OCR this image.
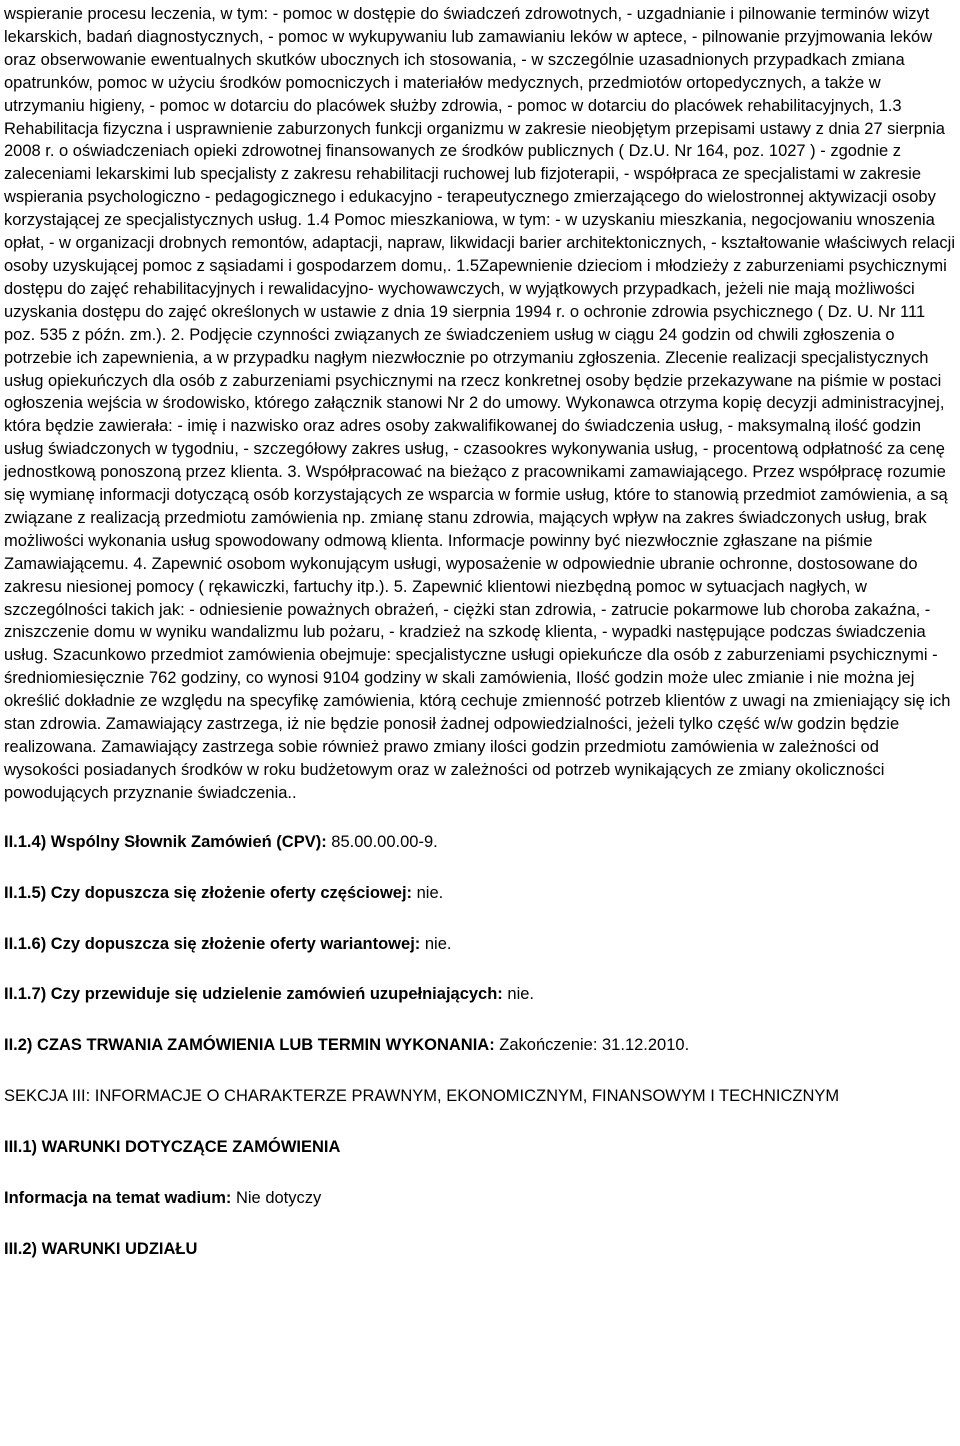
wspieranie procesu leczenia, w tym: - pomoc w dostępie do świadczeń zdrowotnych, - uzgadnianie i pilnowanie terminów wizyt lekarskich, badań diagnostycznych, - pomoc w wykupywaniu lub zamawianiu leków w aptece, - pilnowanie przyjmowania leków oraz obserwowanie ewentualnych skutków ubocznych ich stosowania, - w szczególnie uzasadnionych przypadkach zmiana opatrunków, pomoc w użyciu środków pomocniczych i materiałów medycznych, przedmiotów ortopedycznych, a także w utrzymaniu higieny, - pomoc w dotarciu do placówek służby zdrowia, - pomoc w dotarciu do placówek rehabilitacyjnych, 1.3 Rehabilitacja fizyczna i usprawnienie zaburzonych funkcji organizmu w zakresie nieobjętym przepisami ustawy z dnia 27 sierpnia 2008 r. o oświadczeniach opieki zdrowotnej finansowanych ze środków publicznych ( Dz.U. Nr 164, poz. 1027 ) - zgodnie z zaleceniami lekarskimi lub specjalisty z zakresu rehabilitacji ruchowej lub fizjoterapii, - współpraca ze specjalistami w zakresie wspierania psychologiczno - pedagogicznego i edukacyjno - terapeutycznego zmierzającego do wielostronnej aktywizacji osoby korzystającej ze specjalistycznych usług. 1.4 Pomoc mieszkaniowa, w tym: - w uzyskaniu mieszkania, negocjowaniu wnoszenia opłat, - w organizacji drobnych remontów, adaptacji, napraw, likwidacji barier architektonicznych, - kształtowanie właściwych relacji osoby uzyskującej pomoc z sąsiadami i gospodarzem domu,. 1.5Zapewnienie dzieciom i młodzieży z zaburzeniami psychicznymi dostępu do zajęć rehabilitacyjnych i rewalidacyjno- wychowawczych, w wyjątkowych przypadkach, jeżeli nie mają możliwości uzyskania dostępu do zajęć określonych w ustawie z dnia 19 sierpnia 1994 r. o ochronie zdrowia psychicznego ( Dz. U. Nr 111 poz. 535 z późn. zm.). 2. Podjęcie czynności związanych ze świadczeniem usług w ciągu 24 godzin od chwili zgłoszenia o potrzebie ich zapewnienia, a w przypadku nagłym niezwłocznie po otrzymaniu zgłoszenia. Zlecenie realizacji specjalistycznych usług opiekuńczych dla osób z zaburzeniami psychicznymi na rzecz konkretnej osoby będzie przekazywane na piśmie w postaci ogłoszenia wejścia w środowisko, którego załącznik stanowi Nr 2 do umowy. Wykonawca otrzyma kopię decyzji administracyjnej, która będzie zawierała: - imię i nazwisko oraz adres osoby zakwalifikowanej do świadczenia usług, - maksymalną ilość godzin usług świadczonych w tygodniu, - szczegółowy zakres usług, - czasookres wykonywania usług, - procentową odpłatność za cenę jednostkową ponoszoną przez klienta. 3. Współpracować na bieżąco z pracownikami zamawiającego. Przez współpracę rozumie się wymianę informacji dotyczącą osób korzystających ze wsparcia w formie usług, które to stanowią przedmiot zamówienia, a są związane z realizacją przedmiotu zamówienia np. zmianę stanu zdrowia, mających wpływ na zakres świadczonych usług, brak możliwości wykonania usług spowodowany odmową klienta. Informacje powinny być niezwłocznie zgłaszane na piśmie Zamawiającemu. 4. Zapewnić osobom wykonującym usługi, wyposażenie w odpowiednie ubranie ochronne, dostosowane do zakresu niesionej pomocy ( rękawiczki, fartuchy itp.). 5. Zapewnić klientowi niezbędną pomoc w sytuacjach nagłych, w szczególności takich jak: - odniesienie poważnych obrażeń, - ciężki stan zdrowia, - zatrucie pokarmowe lub choroba zakaźna, - zniszczenie domu w wyniku wandalizmu lub pożaru, - kradzież na szkodę klienta, - wypadki następujące podczas świadczenia usług. Szacunkowo przedmiot zamówienia obejmuje: specjalistyczne usługi opiekuńcze dla osób z zaburzeniami psychicznymi - średniomiesięcznie 762 godziny, co wynosi 9104 godziny w skali zamówienia, Ilość godzin może ulec zmianie i nie można jej określić dokładnie ze względu na specyfikę zamówienia, którą cechuje zmienność potrzeb klientów z uwagi na zmieniający się ich stan zdrowia. Zamawiający zastrzega, iż nie będzie ponosił żadnej odpowiedzialności, jeżeli tylko część w/w godzin będzie realizowana. Zamawiający zastrzega sobie również prawo zmiany ilości godzin przedmiotu zamówienia w zależności od wysokości posiadanych środków w roku budżetowym oraz w zależności od potrzeb wynikających ze zmiany okoliczności powodujących przyznanie świadczenia..

II.1.4) Wspólny Słownik Zamówień (CPV): 85.00.00.00-9.

II.1.5) Czy dopuszcza się złożenie oferty częściowej: nie.

II.1.6) Czy dopuszcza się złożenie oferty wariantowej: nie.

II.1.7) Czy przewiduje się udzielenie zamówień uzupełniających: nie.

II.2) CZAS TRWANIA ZAMÓWIENIA LUB TERMIN WYKONANIA: Zakończenie: 31.12.2010.

SEKCJA III: INFORMACJE O CHARAKTERZE PRAWNYM, EKONOMICZNYM, FINANSOWYM I TECHNICZNYM

III.1) WARUNKI DOTYCZĄCE ZAMÓWIENIA

Informacja na temat wadium: Nie dotyczy

III.2) WARUNKI UDZIAŁU
